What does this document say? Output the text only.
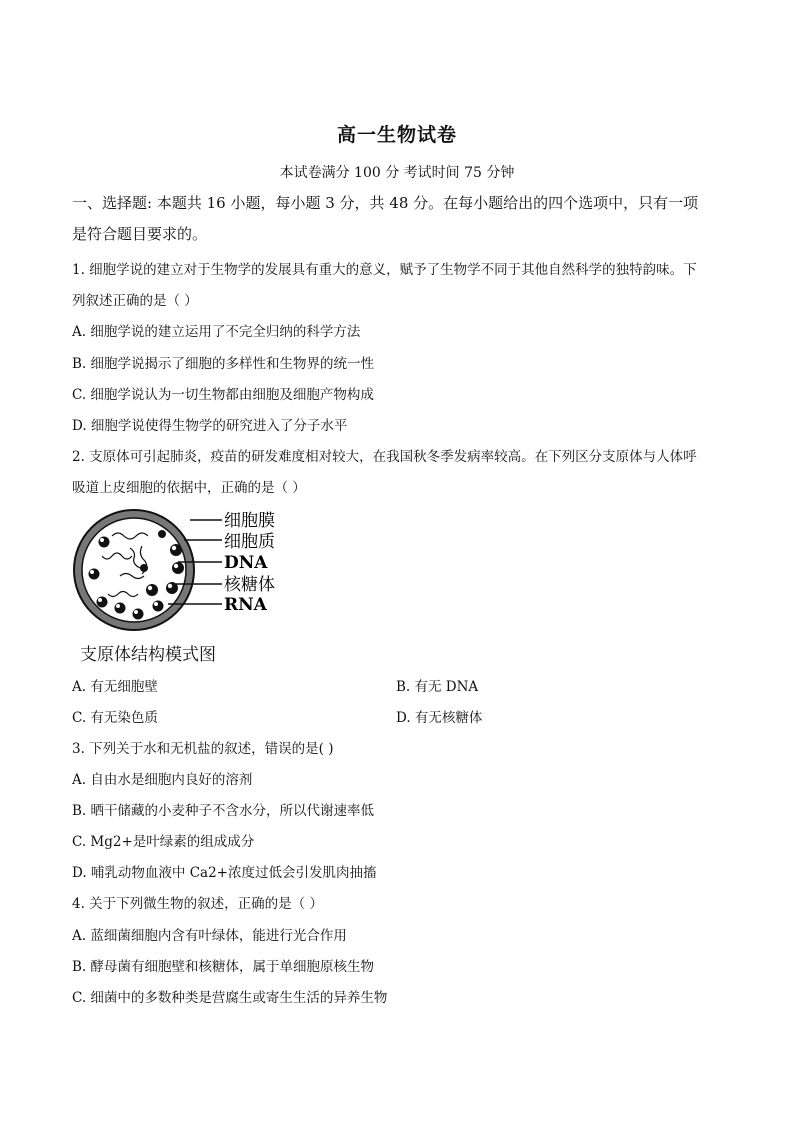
高一生物试卷
本试卷满分 100 分 考试时间 75 分钟
一、选择题: 本题共 16 小题，每小题 3 分，共 48 分。在每小题给出的四个选项中，只有一项
是符合题目要求的。
1. 细胞学说的建立对于生物学的发展具有重大的意义，赋予了生物学不同于其他自然科学的独特韵味。下
列叙述正确的是（ ）
A. 细胞学说的建立运用了不完全归纳的科学方法
B. 细胞学说揭示了细胞的多样性和生物界的统一性
C. 细胞学说认为一切生物都由细胞及细胞产物构成
D. 细胞学说使得生物学的研究进入了分子水平
2. 支原体可引起肺炎，疫苗的研发难度相对较大，在我国秋冬季发病率较高。在下列区分支原体与人体呼
吸道上皮细胞的依据中，正确的是（ ）
细胞膜
细胞质
DNA
核糖体
RNA
支原体结构模式图
A. 有无细胞壁	B. 有无 DNA
C. 有无染色质	D. 有无核糖体
3. 下列关于水和无机盐的叙述，错误的是( )
A. 自由水是细胞内良好的溶剂
B. 晒干储藏的小麦种子不含水分，所以代谢速率低
C. Mg2+是叶绿素的组成成分
D. 哺乳动物血液中 Ca2+浓度过低会引发肌肉抽搐
4. 关于下列微生物的叙述，正确的是（ ）
A. 蓝细菌细胞内含有叶绿体，能进行光合作用
B. 酵母菌有细胞壁和核糖体，属于单细胞原核生物
C. 细菌中的多数种类是营腐生或寄生生活的异养生物
